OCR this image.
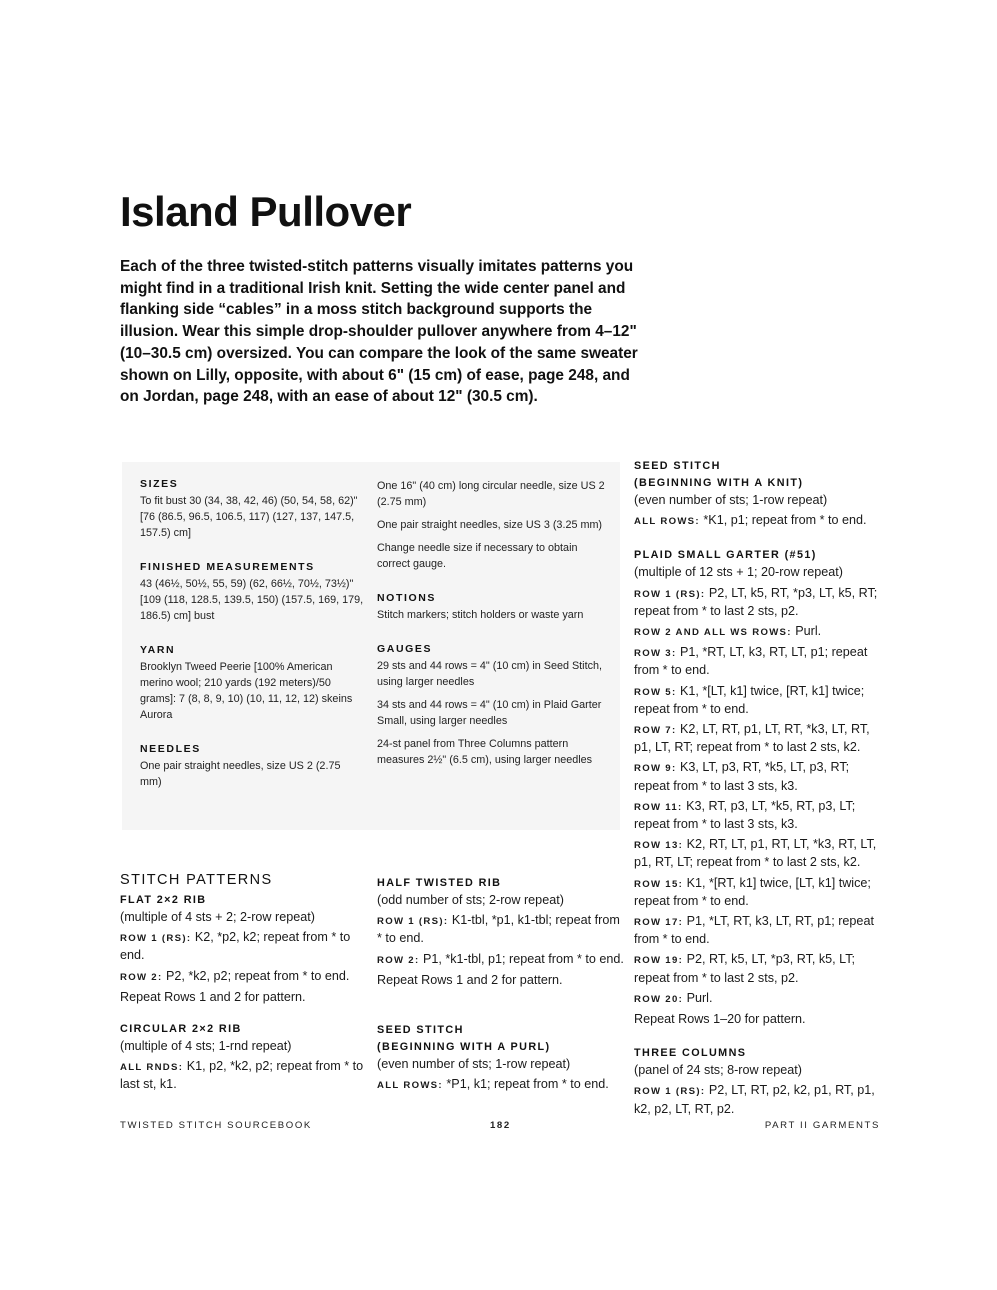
Island Pullover

Each of the three twisted-stitch patterns visually imitates patterns you might find in a traditional Irish knit. Setting the wide center panel and flanking side “cables” in a moss stitch background supports the illusion. Wear this simple drop-shoulder pullover anywhere from 4–12" (10–30.5 cm) oversized. You can compare the look of the same sweater shown on Lilly, opposite, with about 6" (15 cm) of ease, page 248, and on Jordan, page 248, with an ease of about 12" (30.5 cm).

SIZES

To fit bust 30 (34, 38, 42, 46) (50, 54, 58, 62)" [76 (86.5, 96.5, 106.5, 117) (127, 137, 147.5, 157.5) cm]

FINISHED MEASUREMENTS

43 (46½, 50½, 55, 59) (62, 66½, 70½, 73½)" [109 (118, 128.5, 139.5, 150) (157.5, 169, 179, 186.5) cm] bust

YARN

Brooklyn Tweed Peerie [100% American merino wool; 210 yards (192 meters)/50 grams]: 7 (8, 8, 9, 10) (10, 11, 12, 12) skeins Aurora

NEEDLES

One pair straight needles, size US 2 (2.75 mm)

One 16" (40 cm) long circular needle, size US 2 (2.75 mm)

One pair straight needles, size US 3 (3.25 mm)

Change needle size if necessary to obtain correct gauge.

NOTIONS

Stitch markers; stitch holders or waste yarn

GAUGES

29 sts and 44 rows = 4" (10 cm) in Seed Stitch, using larger needles

34 sts and 44 rows = 4" (10 cm) in Plaid Garter Small, using larger needles

24-st panel from Three Columns pattern measures 2½" (6.5 cm), using larger needles

SEED STITCH

(BEGINNING WITH A KNIT)

(even number of sts; 1-row repeat)

ALL ROWS: *K1, p1; repeat from * to end.

PLAID SMALL GARTER (#51)

(multiple of 12 sts + 1; 20-row repeat)

ROW 1 (RS): P2, LT, k5, RT, *p3, LT, k5, RT; repeat from * to last 2 sts, p2.

ROW 2 AND ALL WS ROWS: Purl.

ROW 3: P1, *RT, LT, k3, RT, LT, p1; repeat from * to end.

ROW 5: K1, *[LT, k1] twice, [RT, k1] twice; repeat from * to end.

ROW 7: K2, LT, RT, p1, LT, RT, *k3, LT, RT, p1, LT, RT; repeat from * to last 2 sts, k2.

ROW 9: K3, LT, p3, RT, *k5, LT, p3, RT; repeat from * to last 3 sts, k3.

ROW 11: K3, RT, p3, LT, *k5, RT, p3, LT; repeat from * to last 3 sts, k3.

ROW 13: K2, RT, LT, p1, RT, LT, *k3, RT, LT, p1, RT, LT; repeat from * to last 2 sts, k2.

ROW 15: K1, *[RT, k1] twice, [LT, k1] twice; repeat from * to end.

ROW 17: P1, *LT, RT, k3, LT, RT, p1; repeat from * to end.

ROW 19: P2, RT, k5, LT, *p3, RT, k5, LT; repeat from * to last 2 sts, p2.

ROW 20: Purl.

Repeat Rows 1–20 for pattern.

THREE COLUMNS

(panel of 24 sts; 8-row repeat)

ROW 1 (RS): P2, LT, RT, p2, k2, p1, RT, p1, k2, p2, LT, RT, p2.

STITCH PATTERNS

FLAT 2×2 RIB

(multiple of 4 sts + 2; 2-row repeat)

ROW 1 (RS): K2, *p2, k2; repeat from * to end.

ROW 2: P2, *k2, p2; repeat from * to end.

Repeat Rows 1 and 2 for pattern.

HALF TWISTED RIB

(odd number of sts; 2-row repeat)

ROW 1 (RS): K1-tbl, *p1, k1-tbl; repeat from * to end.

ROW 2: P1, *k1-tbl, p1; repeat from * to end.

Repeat Rows 1 and 2 for pattern.

CIRCULAR 2×2 RIB

(multiple of 4 sts; 1-rnd repeat)

ALL RNDS: K1, p2, *k2, p2; repeat from * to last st, k1.

SEED STITCH

(BEGINNING WITH A PURL)

(even number of sts; 1-row repeat)

ALL ROWS: *P1, k1; repeat from * to end.

TWISTED STITCH SOURCEBOOK	182	PART II GARMENTS
